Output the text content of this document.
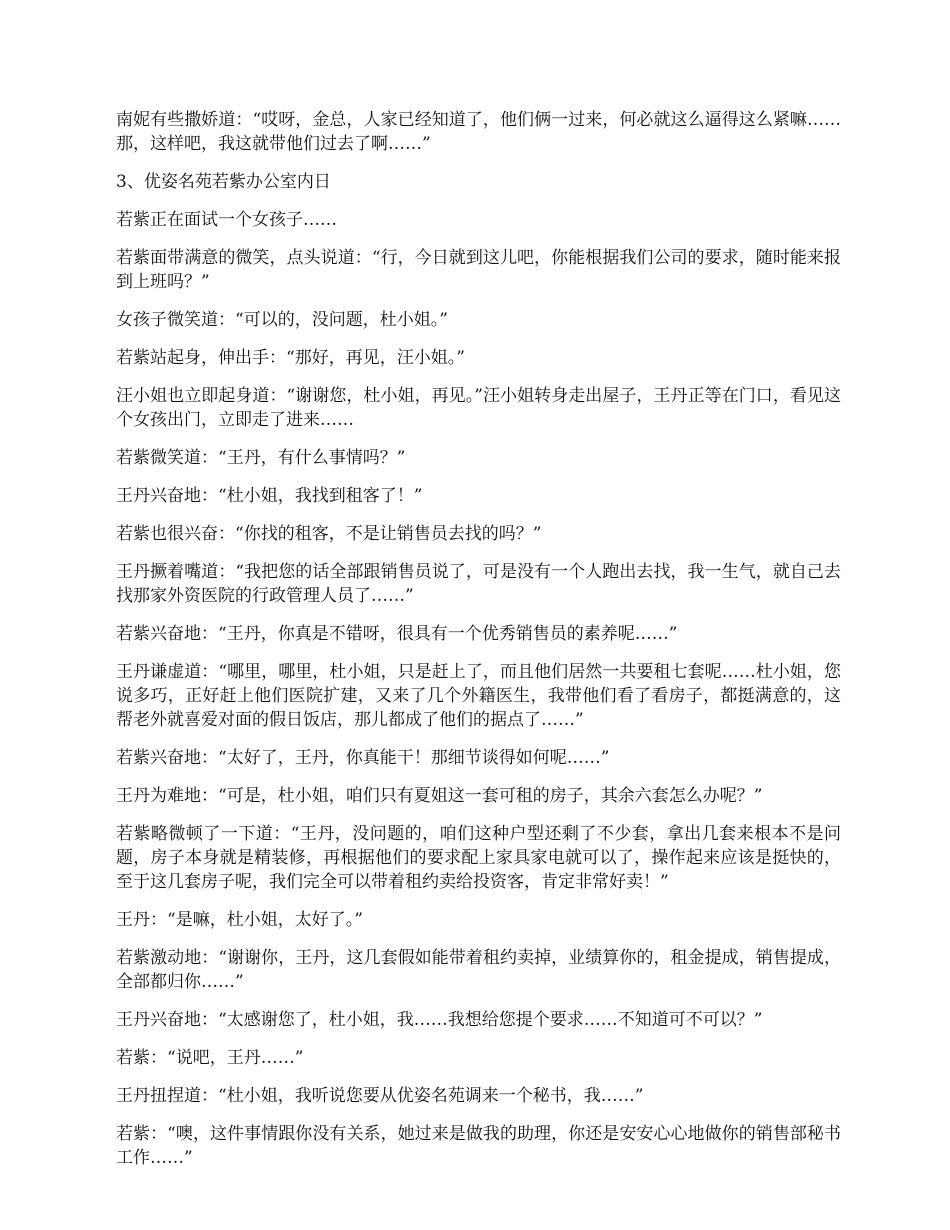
南妮有些撒娇道：“哎呀，金总，人家已经知道了，他们俩一过来，何必就这么逼得这么紧嘛……那，这样吧，我这就带他们过去了啊……”

3、优姿名苑若紫办公室内日

若紫正在面试一个女孩子……

若紫面带满意的微笑，点头说道：“行，今日就到这儿吧，你能根据我们公司的要求，随时能来报到上班吗？”

女孩子微笑道：“可以的，没问题，杜小姐。”

若紫站起身，伸出手：“那好，再见，汪小姐。”

汪小姐也立即起身道：“谢谢您，杜小姐，再见。”汪小姐转身走出屋子，王丹正等在门口，看见这个女孩出门，立即走了进来……

若紫微笑道：“王丹，有什么事情吗？”

王丹兴奋地：“杜小姐，我找到租客了！”

若紫也很兴奋：“你找的租客，不是让销售员去找的吗？”

王丹撅着嘴道：“我把您的话全部跟销售员说了，可是没有一个人跑出去找，我一生气，就自己去找那家外资医院的行政管理人员了……”

若紫兴奋地：“王丹，你真是不错呀，很具有一个优秀销售员的素养呢……”

王丹谦虚道：“哪里，哪里，杜小姐，只是赶上了，而且他们居然一共要租七套呢……杜小姐，您说多巧，正好赶上他们医院扩建，又来了几个外籍医生，我带他们看了看房子，都挺满意的，这帮老外就喜爱对面的假日饭店，那儿都成了他们的据点了……”

若紫兴奋地：“太好了，王丹，你真能干！那细节谈得如何呢……”

王丹为难地：“可是，杜小姐，咱们只有夏姐这一套可租的房子，其余六套怎么办呢？”

若紫略微顿了一下道：“王丹，没问题的，咱们这种户型还剩了不少套，拿出几套来根本不是问题，房子本身就是精装修，再根据他们的要求配上家具家电就可以了，操作起来应该是挺快的，至于这几套房子呢，我们完全可以带着租约卖给投资客，肯定非常好卖！”

王丹：“是嘛，杜小姐，太好了。”

若紫激动地：“谢谢你，王丹，这几套假如能带着租约卖掉，业绩算你的，租金提成，销售提成，全部都归你……”

王丹兴奋地：“太感谢您了，杜小姐，我……我想给您提个要求……不知道可不可以？”

若紫：“说吧，王丹……”

王丹扭捏道：“杜小姐，我听说您要从优姿名苑调来一个秘书，我……”

若紫：“噢，这件事情跟你没有关系，她过来是做我的助理，你还是安安心心地做你的销售部秘书工作……”
